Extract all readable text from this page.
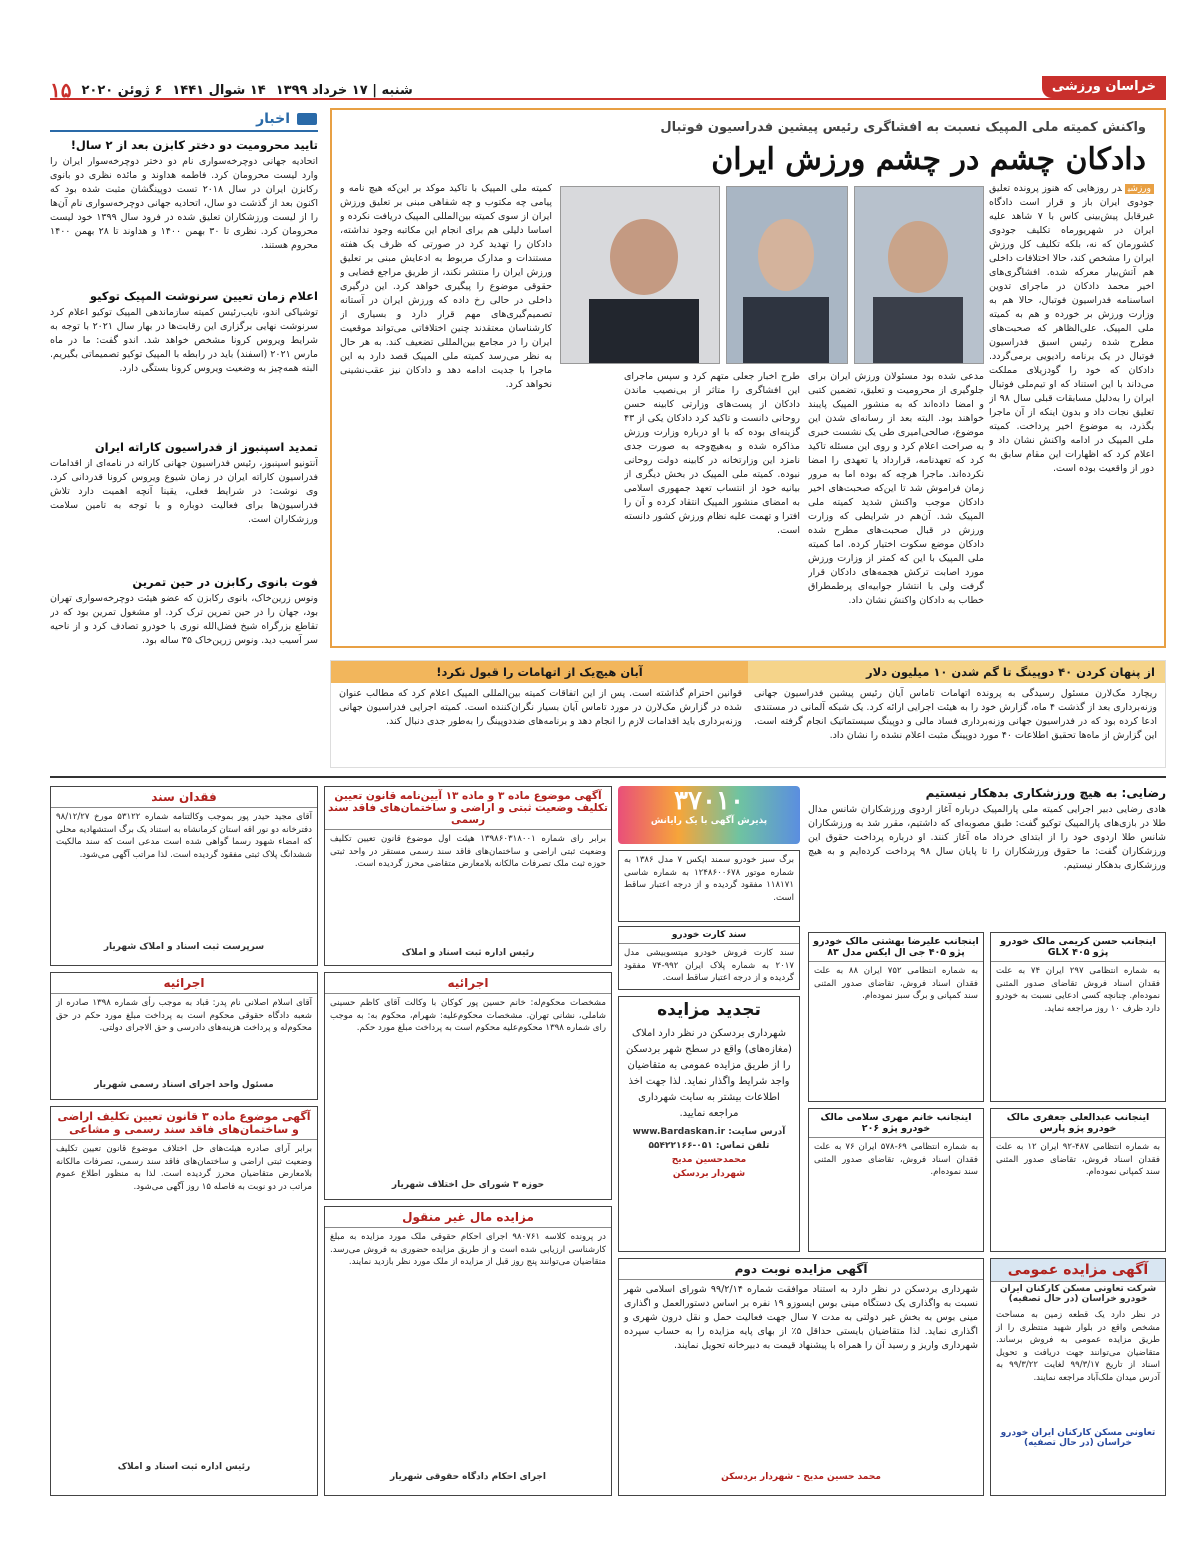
خراسان ورزشی
شنبه | ۱۷ خرداد ۱۳۹۹
۱۴ شوال ۱۴۴۱
۶ ژوئن ۲۰۲۰
۱۵
واکنش کمیته ملی المپیک نسبت به افشاگری رئیس پیشین فدراسیون فوتبال
دادکان چشم در چشم ورزش ایران
ورزشیدر روزهایی که هنوز پرونده تعلیق جودوی ایران باز و قرار است دادگاه غیرقابل پیش‌بینی کاس با ۷ شاهد علیه ایران در شهریورماه تکلیف جودوی کشورمان که نه، بلکه تکلیف کل ورزش ایران را مشخص کند، حالا اختلافات داخلی هم آتش‌بیار معرکه شده. افشاگری‌های اخیر محمد دادکان در ماجرای تدوین اساسنامه فدراسیون فوتبال، حالا هم به وزارت ورزش بر خورده و هم به کمیته ملی المپیک. علی‌الظاهر که صحبت‌های مطرح شده رئیس اسبق فدراسیون فوتبال در یک برنامه رادیویی برمی‌گردد. دادکان که خود را گودزیلای مملکت می‌داند با این استناد که او تیم‌ملی فوتبال ایران را به‌دلیل مسابقات قبلی سال ۹۸ از تعلیق نجات داد و بدون اینکه از آن ماجرا بگذرد، به موضوع اخیر پرداخت. کمیته ملی المپیک در ادامه واکنش نشان داد و اعلام کرد که اظهارات این مقام سابق به دور از واقعیت بوده است.
مدعی شده بود مسئولان ورزش ایران برای جلوگیری از محرومیت و تعلیق، تضمین کتبی و امضا داده‌اند که به منشور المپیک پایبند خواهند بود. البته بعد از رسانه‌ای شدن این موضوع، صالحی‌امیری طی یک نشست خبری به صراحت اعلام کرد و روی این مسئله تاکید کرد که تعهدنامه، قرارداد یا تعهدی را امضا نکرده‌اند. ماجرا هرچه که بوده اما به مرور زمان فراموش شد تا این‌که صحبت‌های اخیر دادکان موجب واکنش شدید کمیته ملی المپیک شد. آن‌هم در شرایطی که وزارت ورزش در قبال صحبت‌های مطرح شده دادکان موضع سکوت اختیار کرده. اما کمیته ملی المپیک با این که کمتر از وزارت ورزش مورد اصابت ترکش هجمه‌های دادکان قرار گرفت ولی با انتشار جوابیه‌ای پرطمطراق خطاب به دادکان واکنش نشان داد.
طرح اخبار جعلی متهم کرد و سپس ماجرای این افشاگری را متاثر از بی‌نصیب ماندن دادکان از پست‌های وزارتی کابینه حسن روحانی دانست و تاکید کرد دادکان یکی از ۴۳ گزینه‌ای بوده که با او درباره وزارت ورزش مذاکره شده و به‌هیچ‌وجه به صورت جدی نامزد این وزارتخانه در کابینه دولت روحانی نبوده. کمیته ملی المپیک در بخش دیگری از بیانیه خود از انتساب تعهد جمهوری اسلامی به امضای منشور المپیک انتقاد کرده و آن را افترا و تهمت علیه نظام ورزش کشور دانسته است.
کمیته ملی المپیک با تاکید موکد بر این‌که هیچ نامه و پیامی چه مکتوب و چه شفاهی مبنی بر تعلیق ورزش ایران از سوی کمیته بین‌المللی المپیک دریافت نکرده و اساسا دلیلی هم برای انجام این مکاتبه وجود نداشته، دادکان را تهدید کرد در صورتی که ظرف یک هفته مستندات و مدارک مربوط به ادعایش مبنی بر تعلیق ورزش ایران را منتشر نکند، از طریق مراجع قضایی و حقوقی موضوع را پیگیری خواهد کرد. این درگیری داخلی در حالی رخ داده که ورزش ایران در آستانه تصمیم‌گیری‌های مهم قرار دارد و بسیاری از کارشناسان معتقدند چنین اختلافاتی می‌تواند موقعیت ایران را در مجامع بین‌المللی تضعیف کند. به هر حال به نظر می‌رسد کمیته ملی المپیک قصد دارد به این ماجرا با جدیت ادامه دهد و دادکان نیز عقب‌نشینی نخواهد کرد.
اخبار
تایید محرومیت دو دختر کابزن بعد از ۲ سال!
اتحادیه جهانی دوچرخه‌سواری نام دو دختر دوچرخه‌سوار ایران را وارد لیست محرومان کرد. فاطمه هداوند و مائده نظری دو بانوی رکابزن ایران در سال ۲۰۱۸ تست دوپینگشان مثبت شده بود که اکنون بعد از گذشت دو سال، اتحادیه جهانی دوچرخه‌سواری نام آن‌ها را از لیست ورزشکاران تعلیق شده در فرود سال ۱۳۹۹ خود لیست محرومان کرد. نظری تا ۳۰ بهمن ۱۴۰۰ و هداوند تا ۲۸ بهمن ۱۴۰۰ محروم هستند.
اعلام زمان تعیین سرنوشت المپیک توکیو
توشیاکی اندو، نایب‌رئیس کمیته سازماندهی المپیک توکیو اعلام کرد سرنوشت نهایی برگزاری این رقابت‌ها در بهار سال ۲۰۲۱ با توجه به شرایط ویروس کرونا مشخص خواهد شد. اندو گفت: ما در ماه مارس ۲۰۲۱ (اسفند) باید در رابطه با المپیک توکیو تصمیماتی بگیریم. البته همه‌چیز به وضعیت ویروس کرونا بستگی دارد.
تمدید اسپنبوز از فدراسیون کاراته ایران
آنتونیو اسپنبوز، رئیس فدراسیون جهانی کاراته در نامه‌ای از اقدامات فدراسیون کاراته ایران در زمان شیوع ویروس کرونا قدردانی کرد. وی نوشت: در شرایط فعلی، یقینا آنچه اهمیت دارد تلاش فدراسیون‌ها برای فعالیت دوباره و با توجه به تامین سلامت ورزشکاران است.
فوت بانوی رکابزن در حین تمرین
ونوس زرین‌خاک، بانوی رکابزن که عضو هیئت دوچرخه‌سواری تهران بود، جهان را در حین تمرین ترک کرد. او مشغول تمرین بود که در تقاطع بزرگراه شیخ فضل‌الله نوری با خودرو تصادف کرد و از ناحیه سر آسیب دید. ونوس زرین‌خاک ۳۵ ساله بود.
از پنهان کردن ۴۰ دوپینگ تا گم شدن ۱۰ میلیون دلار
آبان هیچ‌یک از اتهامات را قبول نکرد!
ریچارد مک‌لارن مسئول رسیدگی به پرونده اتهامات تاماس آیان رئیس پیشین فدراسیون جهانی وزنه‌برداری بعد از گذشت ۴ ماه، گزارش خود را به هیئت اجرایی ارائه کرد. یک شبکه آلمانی در مستندی ادعا کرده بود که در فدراسیون جهانی وزنه‌برداری فساد مالی و دوپینگ سیستماتیک انجام گرفته است. این گزارش از ماه‌ها تحقیق اطلاعات ۴۰ مورد دوپینگ مثبت اعلام نشده را نشان داد.
قوانین احترام گذاشته است. پس از این اتفاقات کمیته بین‌المللی المپیک اعلام کرد که مطالب عنوان شده در گزارش مک‌لارن در مورد تاماس آیان بسیار نگران‌کننده است. کمیته اجرایی فدراسیون جهانی وزنه‌برداری باید اقدامات لازم را انجام دهد و برنامه‌های ضددوپینگ را به‌طور جدی دنبال کند.
رضایی: به هیچ ورزشکاری بدهکار نیستیم
هادی رضایی دبیر اجرایی کمیته ملی پارالمپیک درباره آغاز اردوی ورزشکاران شانس مدال طلا در بازی‌های پارالمپیک توکیو گفت: طبق مصوبه‌ای که داشتیم، مقرر شد به ورزشکاران شانس طلا اردوی خود را از ابتدای خرداد ماه آغاز کنند. او درباره پرداخت حقوق این ورزشکاران گفت: ما حقوق ورزشکاران را تا پایان سال ۹۸ پرداخت کرده‌ایم و به هیچ ورزشکاری بدهکار نیستیم.
۳۷۰۱۰
پذیرش آگهی با یک رایانش
برگ سبز خودرو سمند ایکس ۷ مدل ۱۳۸۶ به شماره موتور ۱۲۴۸۶۰۰۶۷۸ به شماره شاسی ۱۱۸۱۷۱ مفقود گردیده و از درجه اعتبار ساقط است.
سند کارت خودرو
سند کارت فروش خودرو میتسوبیشی مدل ۲۰۱۷ به شماره پلاک ایران ۹۹۲-۷۴ مفقود گردیده و از درجه اعتبار ساقط است.
اینجانب علیرضا بهشتی مالک خودرو پژو ۴۰۵ جی ال ایکس مدل ۸۳
به شماره انتظامی ۷۵۲ ایران ۸۸ به علت فقدان اسناد فروش، تقاضای صدور المثنی سند کمپانی و برگ سبز نموده‌ام.
اینجانب حسن کریمی مالک خودرو پژو GLX ۴۰۵
به شماره انتظامی ۲۹۷ ایران ۷۴ به علت فقدان اسناد فروش تقاضای صدور المثنی نموده‌ام. چنانچه کسی ادعایی نسبت به خودرو دارد ظرف ۱۰ روز مراجعه نماید.
اینجانب خانم مهری سلامی مالک خودرو پژو ۲۰۶
به شماره انتظامی ۶۹-۵۷۸ ایران ۷۶ به علت فقدان اسناد فروش، تقاضای صدور المثنی سند نموده‌ام.
اینجانب عبدالعلی جعفری مالک خودرو پژو پارس
به شماره انتظامی ۴۸۷-۹۲ ایران ۱۲ به علت فقدان اسناد فروش، تقاضای صدور المثنی سند کمپانی نموده‌ام.
تجدید مزایده
شهرداری بردسکن در نظر دارد املاک (مغازه‌های) واقع در سطح شهر بردسکن را از طریق مزایده عمومی به متقاضیان واجد شرایط واگذار نماید. لذا جهت اخذ اطلاعات بیشتر به سایت شهرداری مراجعه نمایید.
آدرس سایت: www.Bardaskan.ir
تلفن تماس: ۰۵۱-۵۵۴۲۲۱۶۶
محمدحسین مدیح
شهردار بردسکن
آگهی مزایده نوبت دوم
شهرداری بردسکن در نظر دارد به استناد موافقت شماره ۹۹/۲/۱۴ شورای اسلامی شهر نسبت به واگذاری یک دستگاه مینی بوس ایسوزو ۱۹ نفره بر اساس دستورالعمل و اگذاری مینی بوس به بخش غیر دولتی به مدت ۷ سال جهت فعالیت حمل و نقل درون شهری و اگذاری نماید. لذا متقاضیان بایستی حداقل ۵٪ از بهای پایه مزایده را به حساب سپرده شهرداری واریز و رسید آن را همراه با پیشنهاد قیمت به دبیرخانه تحویل نمایند.
محمد حسین مدیح - شهردار بردسکن
آگهی مزایده عمومی
شرکت تعاونی مسکن کارکنان ایران خودرو خراسان (در حال تصفیه)
در نظر دارد یک قطعه زمین به مساحت مشخص واقع در بلوار شهید منتظری را از طریق مزایده عمومی به فروش برساند. متقاضیان می‌توانند جهت دریافت و تحویل اسناد از تاریخ ۹۹/۳/۱۷ لغایت ۹۹/۳/۲۲ به آدرس میدان ملک‌آباد مراجعه نمایند.
تعاونی مسکن کارکنان ایران خودرو خراسان (در حال تصفیه)
فقدان سند
آقای مجید حیدر پور بموجب وکالتنامه شماره ۵۳۱۲۲ مورخ ۹۸/۱۲/۲۷ دفترخانه دو نور اقه استان کرمانشاه به استناد یک برگ استشهادیه محلی که امضاء شهود رسما گواهی شده است مدعی است که سند مالکیت ششدانگ پلاک ثبتی مفقود گردیده است. لذا مراتب آگهی می‌شود.
سرپرست ثبت اسناد و املاک شهریار
اجرائیه
آقای اسلام اصلانی نام پدر: قباد به موجب رأی شماره ۱۳۹۸ صادره از شعبه دادگاه حقوقی محکوم است به پرداخت مبلغ مورد حکم در حق محکوم‌له و پرداخت هزینه‌های دادرسی و حق الاجرای دولتی.
مسئول واحد اجرای اسناد رسمی شهریار
آگهی موضوع ماده ۳ قانون تعیین تکلیف اراضی و ساختمان‌های فاقد سند رسمی و مشاعی
برابر آرای صادره هیئت‌های حل اختلاف موضوع قانون تعیین تکلیف وضعیت ثبتی اراضی و ساختمان‌های فاقد سند رسمی، تصرفات مالکانه بلامعارض متقاضیان محرز گردیده است. لذا به منظور اطلاع عموم مراتب در دو نوبت به فاصله ۱۵ روز آگهی می‌شود.
رئیس اداره ثبت اسناد و املاک
آگهی موضوع ماده ۳ و ماده ۱۳ آیین‌نامه قانون تعیین تکلیف وضعیت ثبتی و اراضی و ساختمان‌های فاقد سند رسمی
برابر رای شماره ۱۳۹۸۶۰۳۱۸۰۰۱ هیئت اول موضوع قانون تعیین تکلیف وضعیت ثبتی اراضی و ساختمان‌های فاقد سند رسمی مستقر در واحد ثبتی حوزه ثبت ملک تصرفات مالکانه بلامعارض متقاضی محرز گردیده است.
رئیس اداره ثبت اسناد و املاک
اجرائیه
مشخصات محکوم‌له: خانم حسین پور کوکان با وکالت آقای کاظم حسینی شاملی، نشانی تهران. مشخصات محکوم‌علیه: شهرام، محکوم به: به موجب رای شماره ۱۳۹۸ محکوم‌علیه محکوم است به پرداخت مبلغ مورد حکم.
حوزه ۳ شورای حل اختلاف شهریار
مزایده مال غیر منقول
در پرونده کلاسه ۹۸۰۷۶۱ اجرای احکام حقوقی ملک مورد مزایده به مبلغ کارشناسی ارزیابی شده است و از طریق مزایده حضوری به فروش می‌رسد. متقاضیان می‌توانند پنج روز قبل از مزایده از ملک مورد نظر بازدید نمایند.
اجرای احکام دادگاه حقوقی شهریار
